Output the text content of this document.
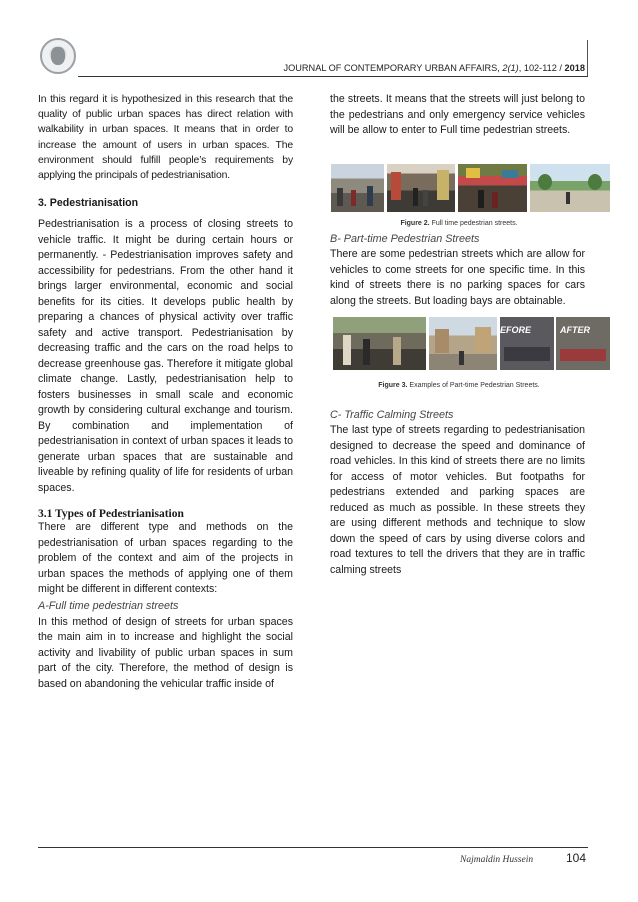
JOURNAL OF CONTEMPORARY URBAN AFFAIRS, 2(1), 102-112 / 2018

In this regard it is hypothesized in this research that the quality of public urban spaces has direct relation with walkability in urban spaces. It means that in order to increase the amount of users in urban spaces. The environment should fulfill people’s requirements by applying the principals of pedestrianisation.

3. Pedestrianisation

Pedestrianisation is a process of closing streets to vehicle traffic. It might be during certain hours or permanently. - Pedestrianisation improves safety and accessibility for pedestrians. From the other hand it brings larger environmental, economic and social benefits for its cities. It develops public health by preparing a chances of physical activity over traffic safety and active transport. Pedestrianisation by decreasing traffic and the cars on the road helps to decrease greenhouse gas. Therefore it mitigate global climate change. Lastly, pedestrianisation help to fosters businesses in small scale and economic growth by considering cultural exchange and tourism. By combination and implementation of pedestrianisation in context of urban spaces it leads to generate urban spaces that are sustainable and liveable by refining quality of life for residents of urban spaces.

3.1 Types of Pedestrianisation

There are different type and methods on the pedestrianisation of urban spaces regarding to the problem of the context and aim of the projects in urban spaces the methods of applying one of them might be different in different contexts:

A-Full time pedestrian streets

In this method of design of streets for urban spaces the main aim in to increase and highlight the social activity and livability of public urban spaces in sum part of the city. Therefore, the method of design is based on abandoning the vehicular traffic inside of

the streets. It means that the streets will just belong to the pedestrians and only emergency service vehicles will be allow to enter to Full time pedestrian streets.

Figure 2. Full time pedestrian streets.

B- Part-time Pedestrian Streets

There are some pedestrian streets which are allow for vehicles to come streets for one specific time. In this kind of streets there is no parking spaces for cars along the streets. But loading bays are obtainable.

EFORE	AFTER
Figure 3. Examples of Part-time Pedestrian Streets.

C- Traffic Calming Streets

The last type of streets regarding to pedestrianisation designed to decrease the speed and dominance of road vehicles. In this kind of streets there are no limits for access of motor vehicles. But footpaths for pedestrians extended and parking spaces are reduced as much as possible. In these streets they are using different methods and technique to slow down the speed of cars by using diverse colors and road textures to tell the drivers that they are in traffic calming streets

Najmaldin Hussein	104
